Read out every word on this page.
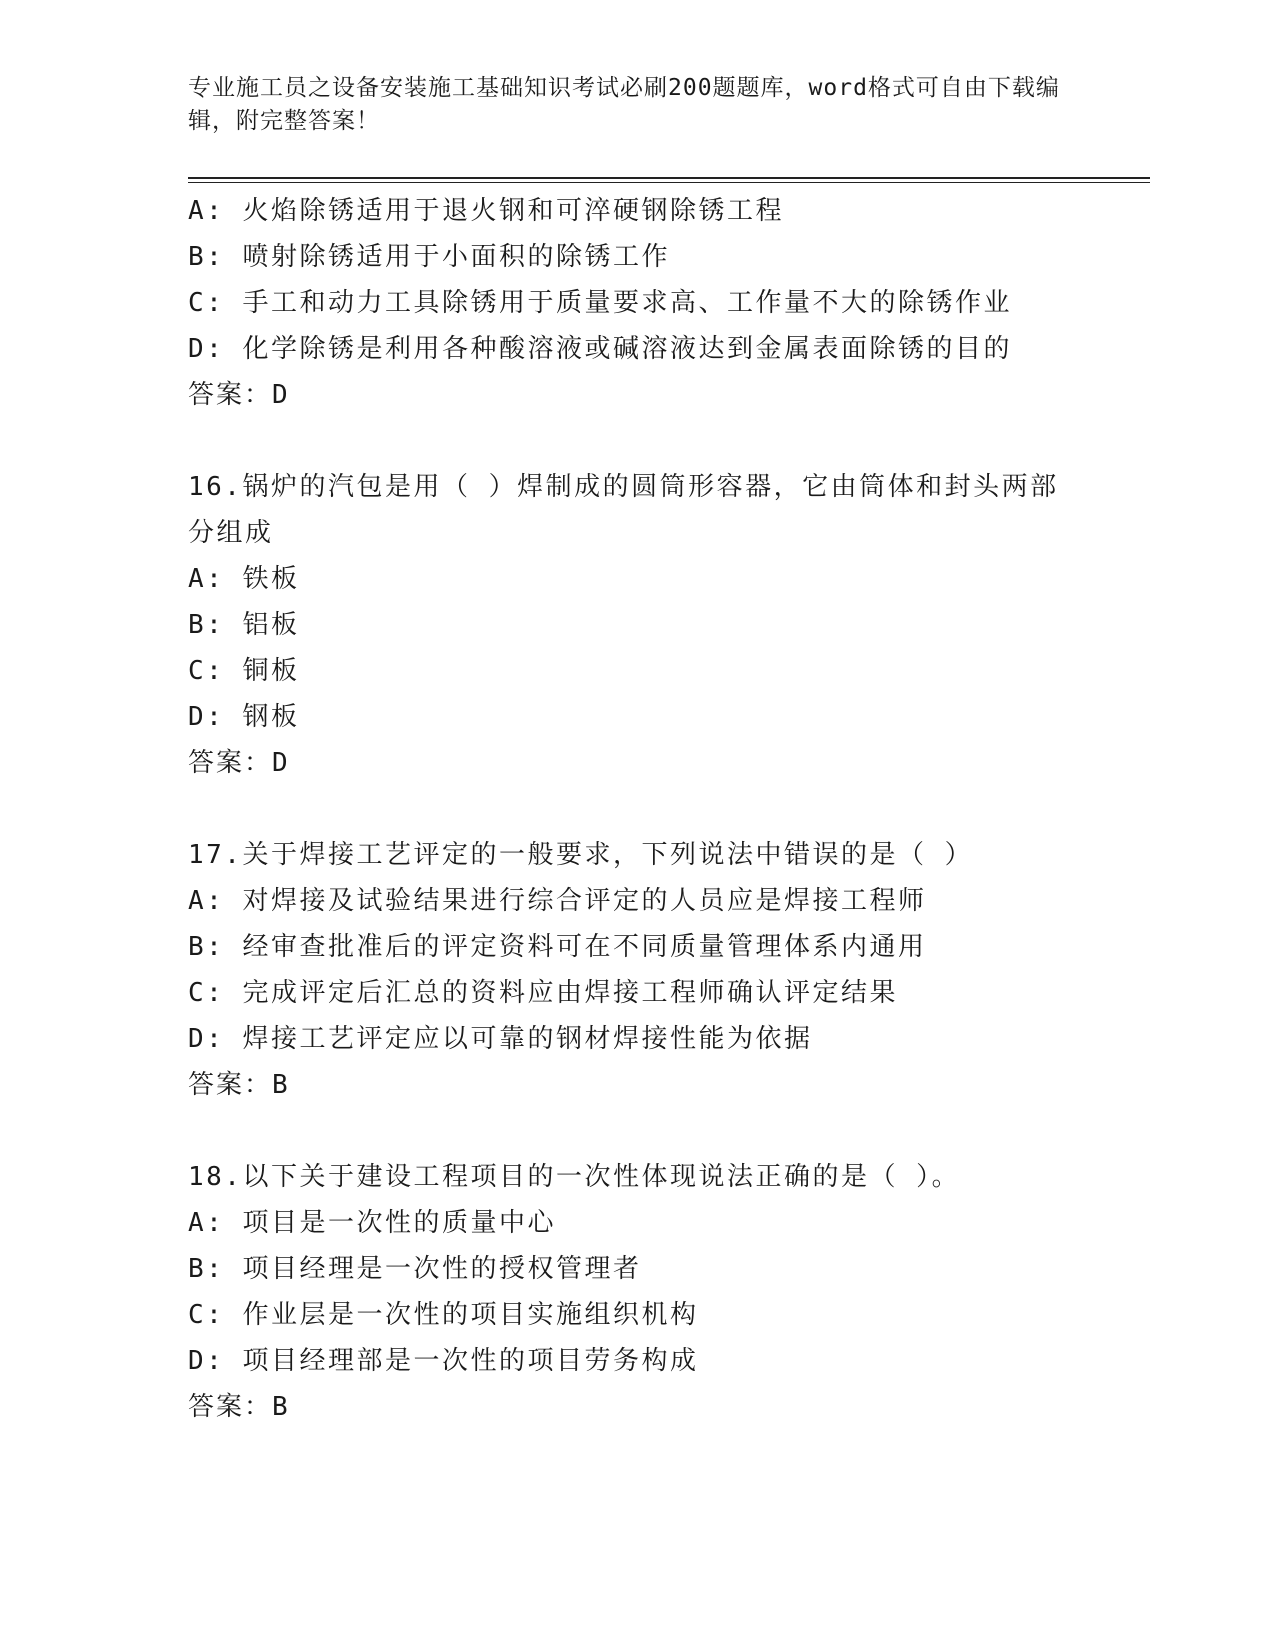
专业施工员之设备安装施工基础知识考试必刷200题题库，word格式可自由下载编辑，附完整答案！
A: 火焰除锈适用于退火钢和可淬硬钢除锈工程
B: 喷射除锈适用于小面积的除锈工作
C: 手工和动力工具除锈用于质量要求高、工作量不大的除锈作业
D: 化学除锈是利用各种酸溶液或碱溶液达到金属表面除锈的目的
答案：D
16.锅炉的汽包是用（ ）焊制成的圆筒形容器，它由筒体和封头两部分组成
A: 铁板
B: 铝板
C: 铜板
D: 钢板
答案：D
17.关于焊接工艺评定的一般要求，下列说法中错误的是（ ）
A: 对焊接及试验结果进行综合评定的人员应是焊接工程师
B: 经审查批准后的评定资料可在不同质量管理体系内通用
C: 完成评定后汇总的资料应由焊接工程师确认评定结果
D: 焊接工艺评定应以可靠的钢材焊接性能为依据
答案：B
18.以下关于建设工程项目的一次性体现说法正确的是（ ）。
A: 项目是一次性的质量中心
B: 项目经理是一次性的授权管理者
C: 作业层是一次性的项目实施组织机构
D: 项目经理部是一次性的项目劳务构成
答案：B
